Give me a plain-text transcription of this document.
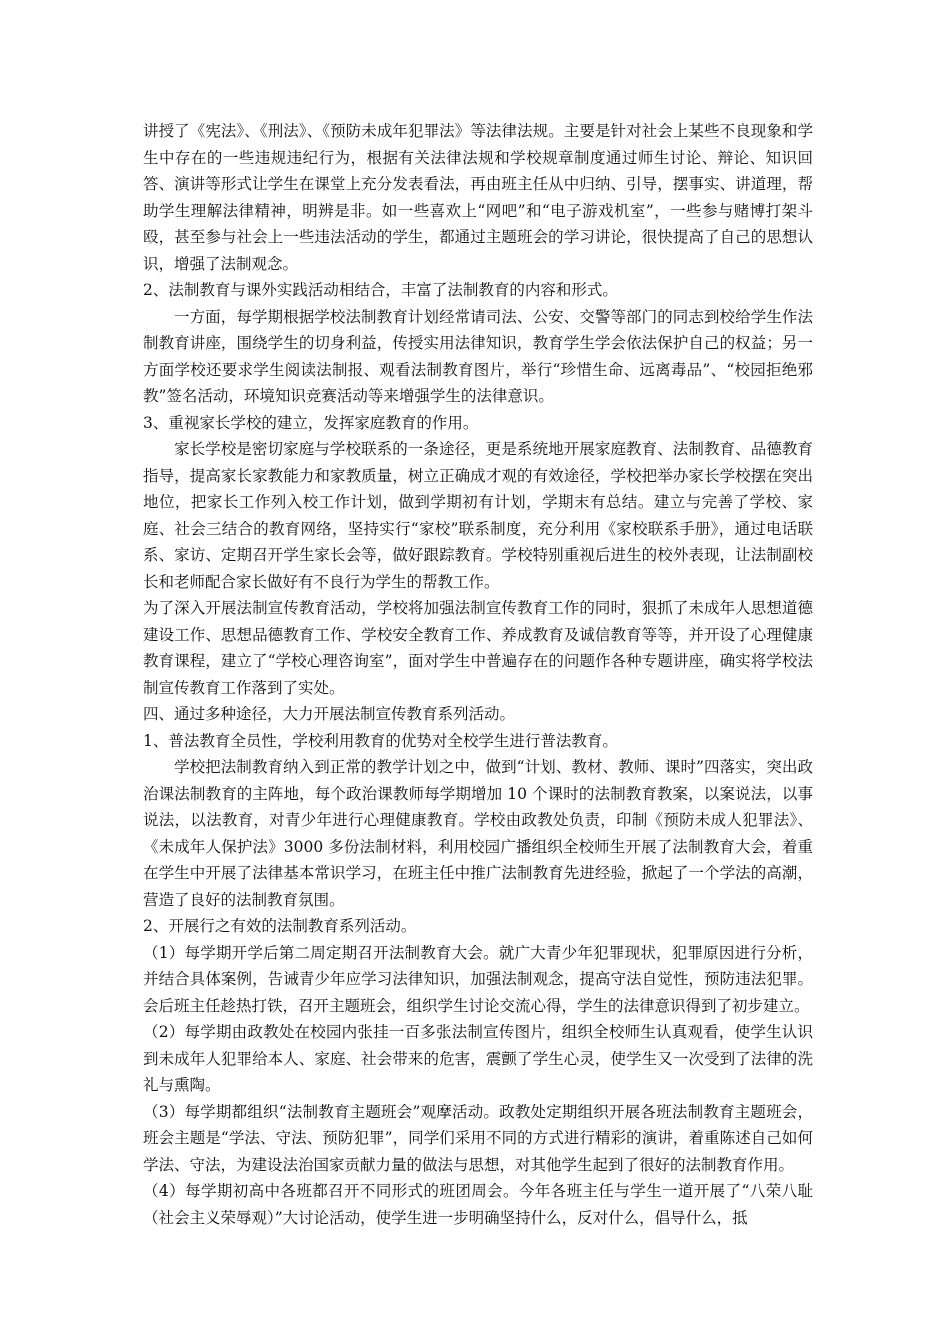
讲授了《宪法》、《刑法》、《预防未成年犯罪法》等法律法规。主要是针对社会上某些不良现象和学生中存在的一些违规违纪行为，根据有关法律法规和学校规章制度通过师生讨论、辩论、知识回答、演讲等形式让学生在课堂上充分发表看法，再由班主任从中归纳、引导，摆事实、讲道理，帮助学生理解法律精神，明辨是非。如一些喜欢上“网吧”和“电子游戏机室”，一些参与赌博打架斗殴，甚至参与社会上一些违法活动的学生，都通过主题班会的学习讲论，很快提高了自己的思想认识，增强了法制观念。

2、法制教育与课外实践活动相结合，丰富了法制教育的内容和形式。

一方面，每学期根据学校法制教育计划经常请司法、公安、交警等部门的同志到校给学生作法制教育讲座，围绕学生的切身利益，传授实用法律知识，教育学生学会依法保护自己的权益；另一方面学校还要求学生阅读法制报、观看法制教育图片，举行“珍惜生命、远离毒品”、“校园拒绝邪教”签名活动，环境知识竞赛活动等来增强学生的法律意识。

3、重视家长学校的建立，发挥家庭教育的作用。

家长学校是密切家庭与学校联系的一条途径，更是系统地开展家庭教育、法制教育、品德教育指导，提高家长家教能力和家教质量，树立正确成才观的有效途径，学校把举办家长学校摆在突出地位，把家长工作列入校工作计划，做到学期初有计划，学期末有总结。建立与完善了学校、家庭、社会三结合的教育网络，坚持实行“家校”联系制度，充分利用《家校联系手册》，通过电话联系、家访、定期召开学生家长会等，做好跟踪教育。学校特别重视后进生的校外表现，让法制副校长和老师配合家长做好有不良行为学生的帮教工作。

为了深入开展法制宣传教育活动，学校将加强法制宣传教育工作的同时，狠抓了未成年人思想道德建设工作、思想品德教育工作、学校安全教育工作、养成教育及诚信教育等等，并开设了心理健康教育课程，建立了“学校心理咨询室”，面对学生中普遍存在的问题作各种专题讲座，确实将学校法制宣传教育工作落到了实处。

四、通过多种途径，大力开展法制宣传教育系列活动。

1、普法教育全员性，学校利用教育的优势对全校学生进行普法教育。

学校把法制教育纳入到正常的教学计划之中，做到“计划、教材、教师、课时”四落实，突出政治课法制教育的主阵地，每个政治课教师每学期增加 10 个课时的法制教育教案，以案说法，以事说法，以法教育，对青少年进行心理健康教育。学校由政教处负责，印制《预防未成人犯罪法》、《未成年人保护法》3000 多份法制材料，利用校园广播组织全校师生开展了法制教育大会，着重在学生中开展了法律基本常识学习，在班主任中推广法制教育先进经验，掀起了一个学法的高潮，营造了良好的法制教育氛围。

2、开展行之有效的法制教育系列活动。

（1）每学期开学后第二周定期召开法制教育大会。就广大青少年犯罪现状，犯罪原因进行分析，并结合具体案例，告诫青少年应学习法律知识，加强法制观念，提高守法自觉性，预防违法犯罪。会后班主任趁热打铁，召开主题班会，组织学生讨论交流心得，学生的法律意识得到了初步建立。

（2）每学期由政教处在校园内张挂一百多张法制宣传图片，组织全校师生认真观看，使学生认识到未成年人犯罪给本人、家庭、社会带来的危害，震颤了学生心灵，使学生又一次受到了法律的洗礼与熏陶。

（3）每学期都组织“法制教育主题班会”观摩活动。政教处定期组织开展各班法制教育主题班会，班会主题是“学法、守法、预防犯罪”，同学们采用不同的方式进行精彩的演讲，着重陈述自己如何学法、守法，为建设法治国家贡献力量的做法与思想，对其他学生起到了很好的法制教育作用。

（4）每学期初高中各班都召开不同形式的班团周会。今年各班主任与学生一道开展了“八荣八耻（社会主义荣辱观）”大讨论活动，使学生进一步明确坚持什么，反对什么，倡导什么，抵
